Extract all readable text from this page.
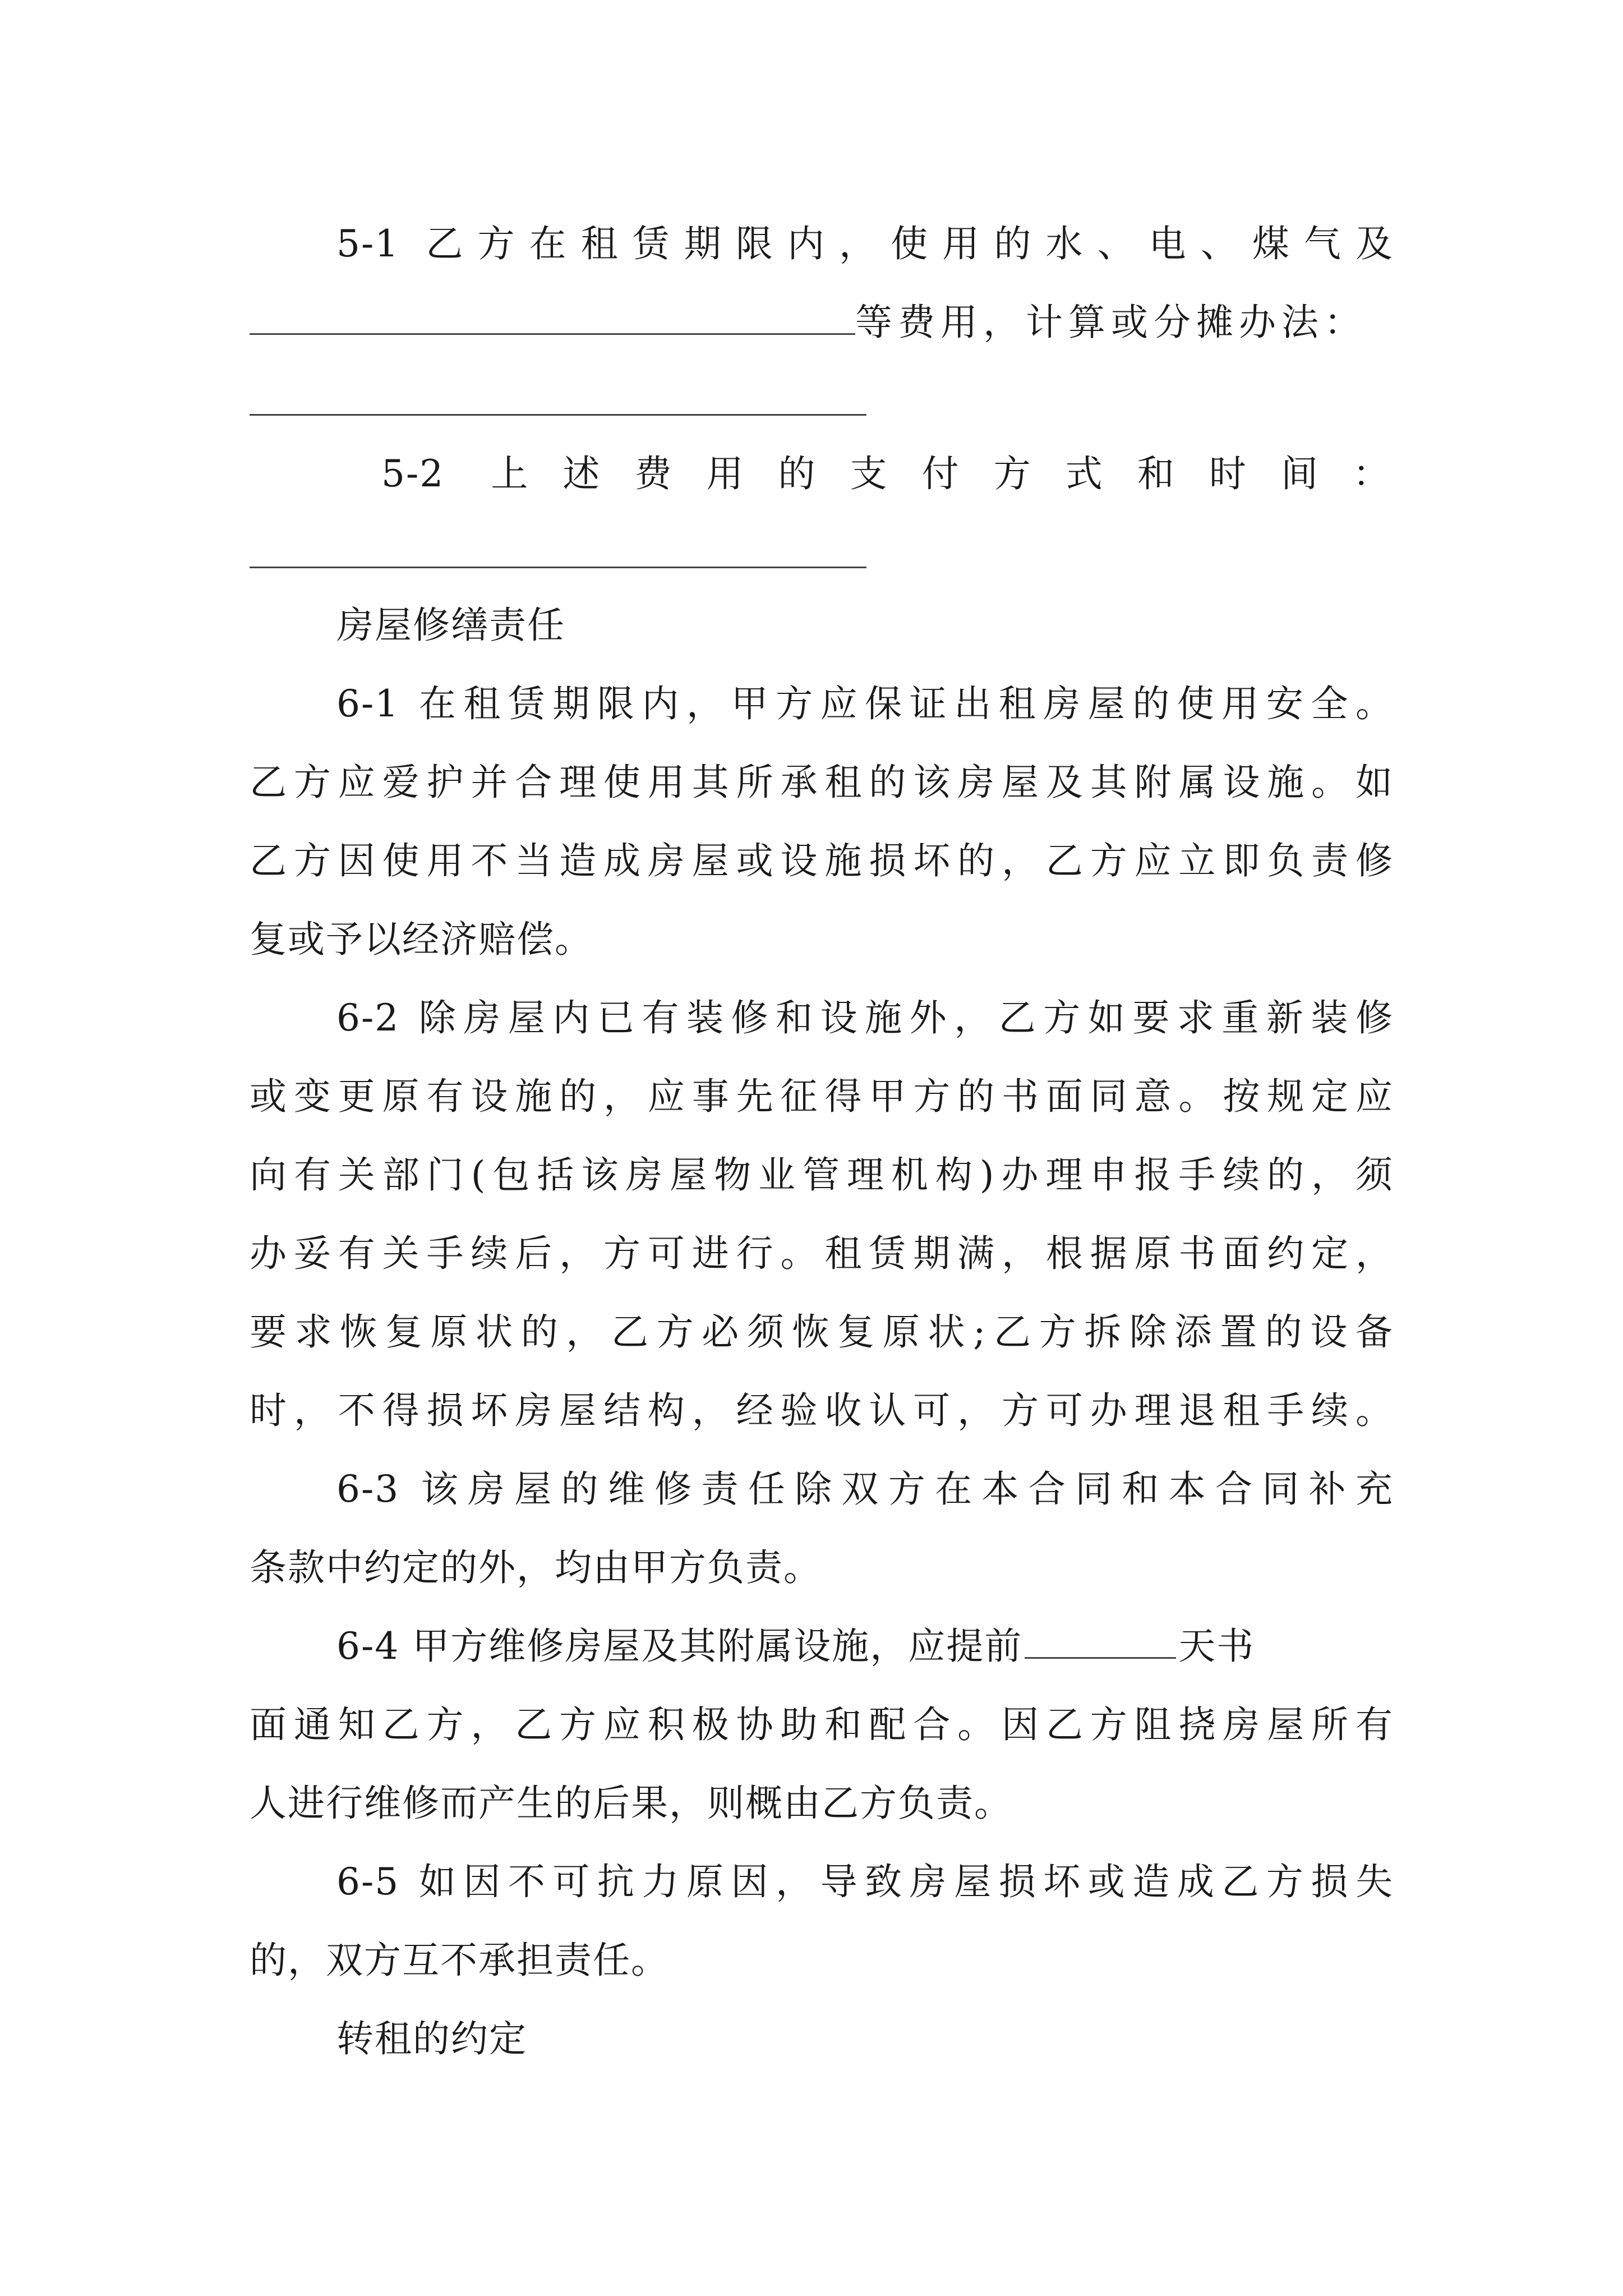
5-1 乙方在租赁期限内，使用的水、电、煤气及
等费用，计算或分摊办法：
5-2 上述费用的支付方式和时间：
房屋修缮责任
6-1 在租赁期限内，甲方应保证出租房屋的使用安全。
乙方应爱护并合理使用其所承租的该房屋及其附属设施。如
乙方因使用不当造成房屋或设施损坏的，乙方应立即负责修
复或予以经济赔偿。
6-2 除房屋内已有装修和设施外，乙方如要求重新装修
或变更原有设施的，应事先征得甲方的书面同意。按规定应
向有关部门(包括该房屋物业管理机构)办理申报手续的，须
办妥有关手续后，方可进行。租赁期满，根据原书面约定，
要求恢复原状的，乙方必须恢复原状;乙方拆除添置的设备
时，不得损坏房屋结构，经验收认可，方可办理退租手续。
6-3 该房屋的维修责任除双方在本合同和本合同补充
条款中约定的外，均由甲方负责。
6-4 甲方维修房屋及其附属设施，应提前	天书
面通知乙方，乙方应积极协助和配合。因乙方阻挠房屋所有
人进行维修而产生的后果，则概由乙方负责。
6-5 如因不可抗力原因，导致房屋损坏或造成乙方损失
的，双方互不承担责任。
转租的约定
